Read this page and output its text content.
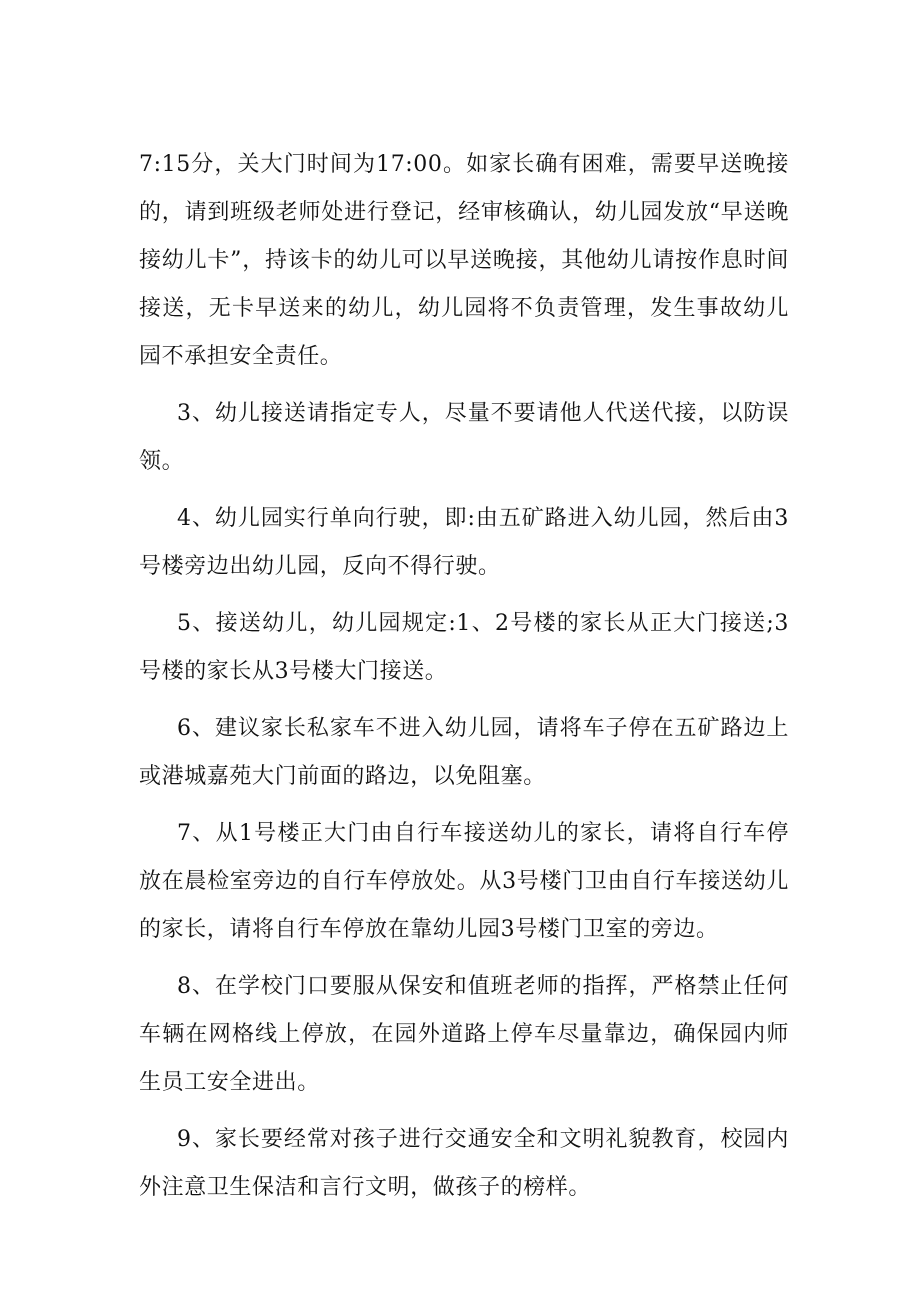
7:15分，关大门时间为17:00。如家长确有困难，需要早送晚接的，请到班级老师处进行登记，经审核确认，幼儿园发放“早送晚接幼儿卡”，持该卡的幼儿可以早送晚接，其他幼儿请按作息时间接送，无卡早送来的幼儿，幼儿园将不负责管理，发生事故幼儿园不承担安全责任。

3、幼儿接送请指定专人，尽量不要请他人代送代接，以防误领。

4、幼儿园实行单向行驶，即:由五矿路进入幼儿园，然后由3号楼旁边出幼儿园，反向不得行驶。

5、接送幼儿，幼儿园规定:1、2号楼的家长从正大门接送;3号楼的家长从3号楼大门接送。

6、建议家长私家车不进入幼儿园，请将车子停在五矿路边上或港城嘉苑大门前面的路边，以免阻塞。

7、从1号楼正大门由自行车接送幼儿的家长，请将自行车停放在晨检室旁边的自行车停放处。从3号楼门卫由自行车接送幼儿的家长，请将自行车停放在靠幼儿园3号楼门卫室的旁边。

8、在学校门口要服从保安和值班老师的指挥，严格禁止任何车辆在网格线上停放，在园外道路上停车尽量靠边，确保园内师生员工安全进出。

9、家长要经常对孩子进行交通安全和文明礼貌教育，校园内外注意卫生保洁和言行文明，做孩子的榜样。
